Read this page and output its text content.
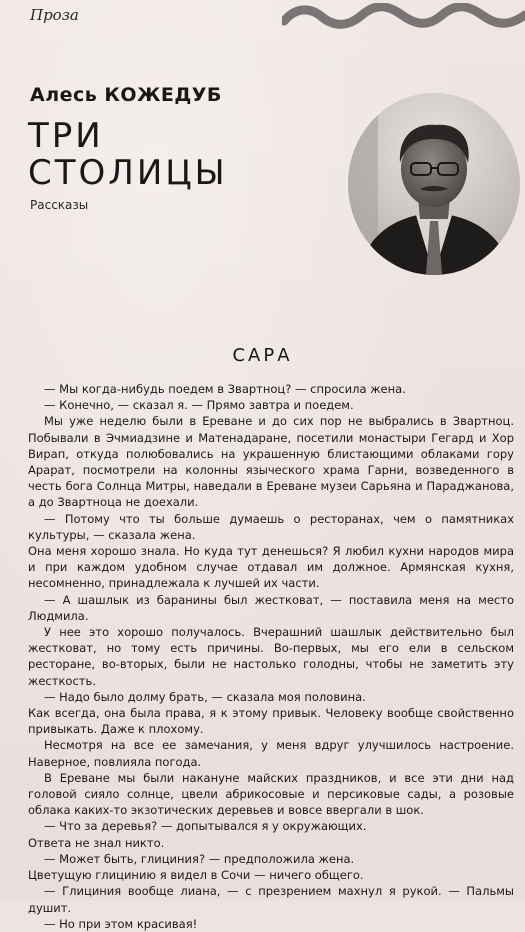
Проза
Алесь КОЖЕДУБ
ТРИ
СТОЛИЦЫ
Рассказы
САРА

— Мы когда-нибудь поедем в Звартноц? — спросила жена.

— Конечно, — сказал я. — Прямо завтра и поедем.

Мы уже неделю были в Ереване и до сих пор не выбрались в Звартноц. Побывали в Эчмиадзине и Матенадаране, посетили монастыри Гегард и Хор Вирап, откуда полюбовались на украшенную блистающими облаками гору Арарат, посмотрели на колонны языческого храма Гарни, возведенного в честь бога Солнца Митры, наведали в Ереване музеи Сарьяна и Параджанова, а до Звартноца не доехали.

— Потому что ты больше думаешь о ресторанах, чем о памятниках культуры, — сказала жена.

Она меня хорошо знала. Но куда тут денешься? Я любил кухни народов мира и при каждом удобном случае отдавал им должное. Армянская кухня, несомненно, принадлежала к лучшей их части.

— А шашлык из баранины был жестковат, — поставила меня на место Людмила.

У нее это хорошо получалось. Вчерашний шашлык действительно был жестковат, но тому есть причины. Во-первых, мы его ели в сельском ресторане, во-вторых, были не настолько голодны, чтобы не заметить эту жесткость.

— Надо было долму брать, — сказала моя половина.

Как всегда, она была права, я к этому привык. Человеку вообще свойственно привыкать. Даже к плохому.

Несмотря на все ее замечания, у меня вдруг улучшилось настроение. Наверное, повлияла погода.

В Ереване мы были накануне майских праздников, и все эти дни над головой сияло солнце, цвели абрикосовые и персиковые сады, а розовые облака каких-то экзотических деревьев и вовсе ввергали в шок.

— Что за деревья? — допытывался я у окружающих.

Ответа не знал никто.

— Может быть, глициния? — предположила жена.

Цветущую глицинию я видел в Сочи — ничего общего.

— Глициния вообще лиана, — с презрением махнул я рукой. — Пальмы душит.

— Но при этом красивая!
